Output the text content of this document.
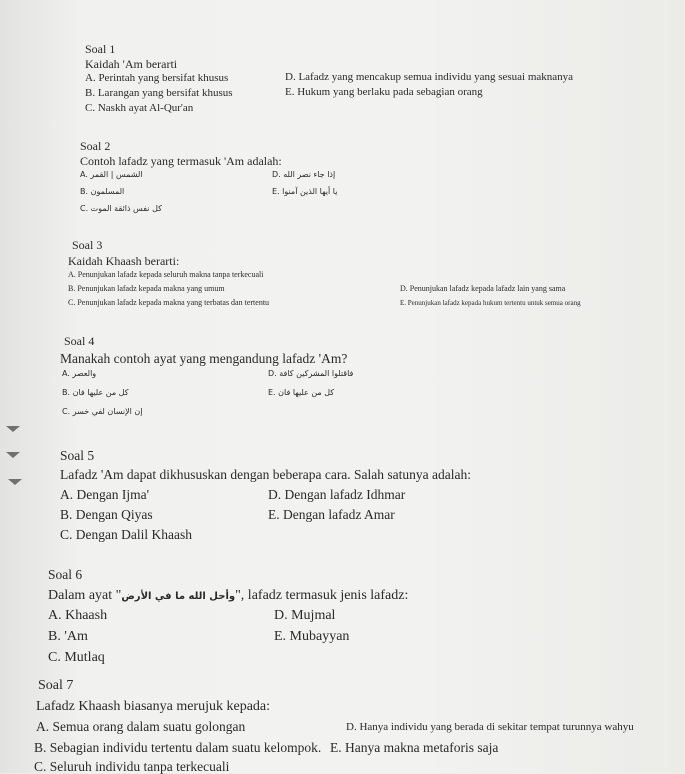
Soal 1
Kaidah 'Am berarti
A. Perintah yang bersifat khusus
B. Larangan yang bersifat khusus
C. Naskh ayat Al-Qur'an
D. Lafadz yang mencakup semua individu yang sesuai maknanya
E. Hukum yang berlaku pada sebagian orang
Soal 2
Contoh lafadz yang termasuk 'Am adalah:
A. الشمس | القمر
B. المسلمون
C. كل نفس ذائقة الموت
D. إذا جاء نصر الله
E. يا أيها الذين آمنوا
Soal 3
Kaidah Khaash berarti:
A. Penunjukan lafadz kepada seluruh makna tanpa terkecuali
B. Penunjukan lafadz kepada makna yang umum
C. Penunjukan lafadz kepada makna yang terbatas dan tertentu
D. Penunjukan lafadz kepada lafadz lain yang sama
E. Penunjukan lafadz kepada hukum tertentu untuk semua orang
Soal 4
Manakah contoh ayat yang mengandung lafadz 'Am?
A. والعصر
B. كل من عليها فان
C. إن الإنسان لفي خسر
D. فاقتلوا المشركين كافة
E. كل من عليها فان
Soal 5
Lafadz 'Am dapat dikhususkan dengan beberapa cara. Salah satunya adalah:
A. Dengan Ijma'
B. Dengan Qiyas
C. Dengan Dalil Khaash
D. Dengan lafadz Idhmar
E. Dengan lafadz Amar
Soal 6
Dalam ayat "وأحل الله ما في الأرض", lafadz termasuk jenis lafadz:
A. Khaash
B. 'Am
C. Mutlaq
D. Mujmal
E. Mubayyan
Soal 7
Lafadz Khaash biasanya merujuk kepada:
A. Semua orang dalam suatu golongan
B. Sebagian individu tertentu dalam suatu kelompok.
C. Seluruh individu tanpa terkecuali
D. Hanya individu yang berada di sekitar tempat turunnya wahyu
E. Hanya makna metaforis saja
